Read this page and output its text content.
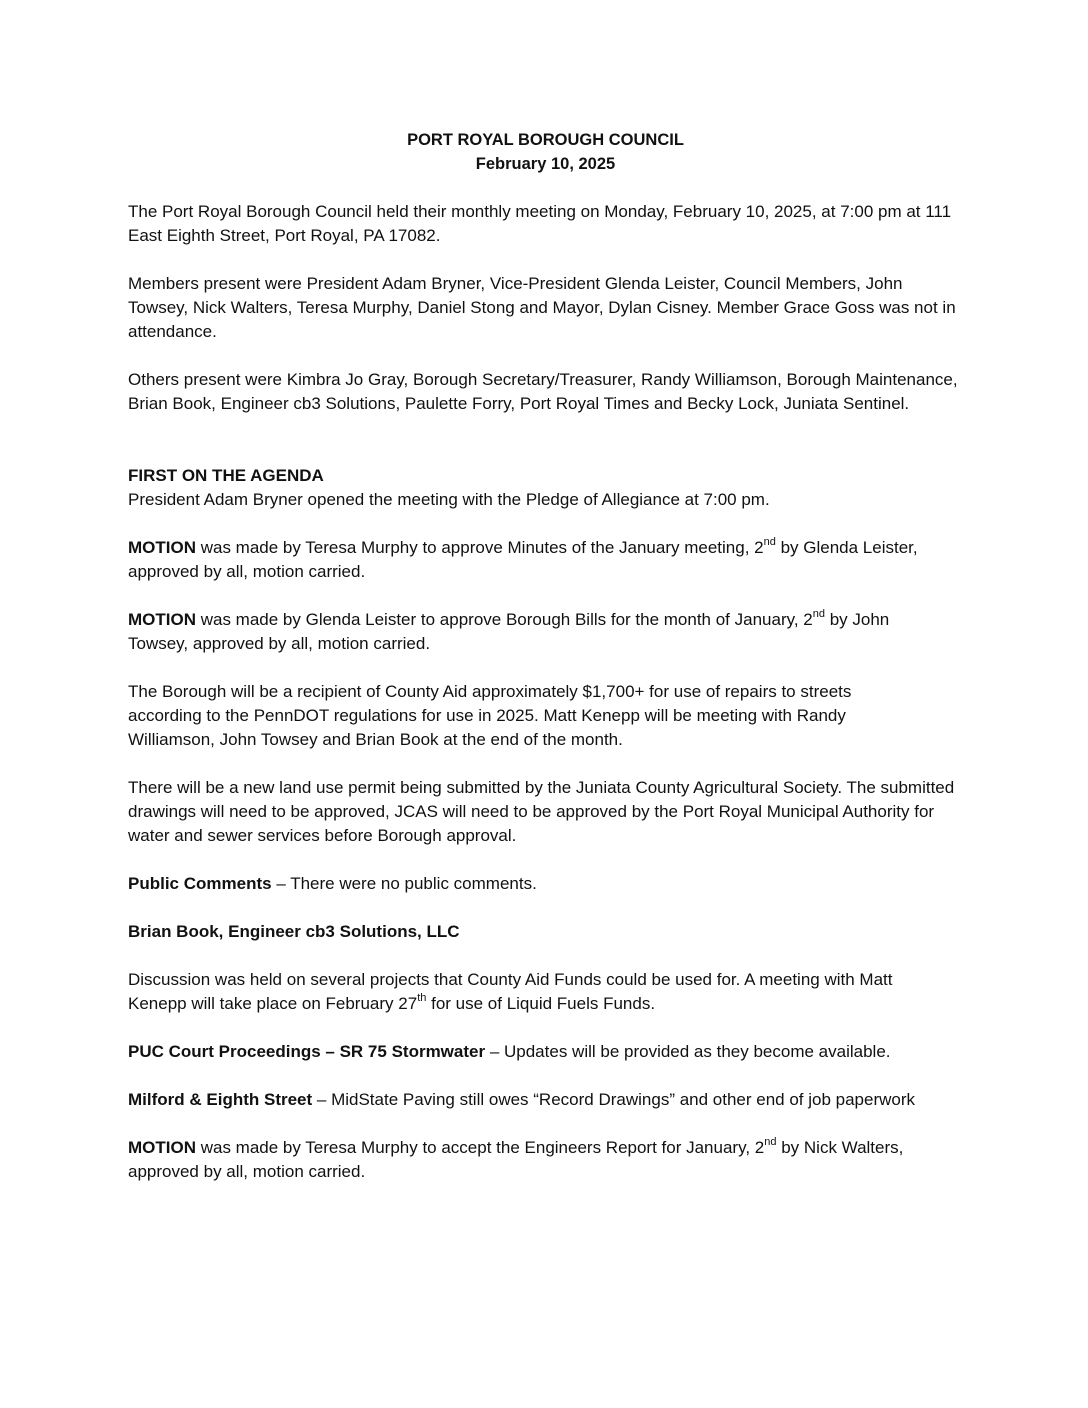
PORT ROYAL BOROUGH COUNCIL
February 10, 2025

The Port Royal Borough Council held their monthly meeting on Monday, February 10, 2025, at 7:00 pm at 111 East Eighth Street, Port Royal, PA 17082.

Members present were President Adam Bryner, Vice-President Glenda Leister, Council Members, John Towsey, Nick Walters, Teresa Murphy, Daniel Stong and Mayor, Dylan Cisney. Member Grace Goss was not in attendance.

Others present were Kimbra Jo Gray, Borough Secretary/Treasurer, Randy Williamson, Borough Maintenance, Brian Book, Engineer cb3 Solutions, Paulette Forry, Port Royal Times and Becky Lock, Juniata Sentinel.

FIRST ON THE AGENDA
President Adam Bryner opened the meeting with the Pledge of Allegiance at 7:00 pm.

MOTION was made by Teresa Murphy to approve Minutes of the January meeting, 2nd by Glenda Leister, approved by all, motion carried.

MOTION was made by Glenda Leister to approve Borough Bills for the month of January, 2nd by John Towsey, approved by all, motion carried.

The Borough will be a recipient of County Aid approximately $1,700+ for use of repairs to streets according to the PennDOT regulations for use in 2025. Matt Kenepp will be meeting with Randy Williamson, John Towsey and Brian Book at the end of the month.

There will be a new land use permit being submitted by the Juniata County Agricultural Society. The submitted drawings will need to be approved, JCAS will need to be approved by the Port Royal Municipal Authority for water and sewer services before Borough approval.

Public Comments – There were no public comments.

Brian Book, Engineer cb3 Solutions, LLC

Discussion was held on several projects that County Aid Funds could be used for. A meeting with Matt Kenepp will take place on February 27th for use of Liquid Fuels Funds.

PUC Court Proceedings – SR 75 Stormwater – Updates will be provided as they become available.

Milford & Eighth Street – MidState Paving still owes “Record Drawings” and other end of job paperwork

MOTION was made by Teresa Murphy to accept the Engineers Report for January, 2nd by Nick Walters, approved by all, motion carried.
